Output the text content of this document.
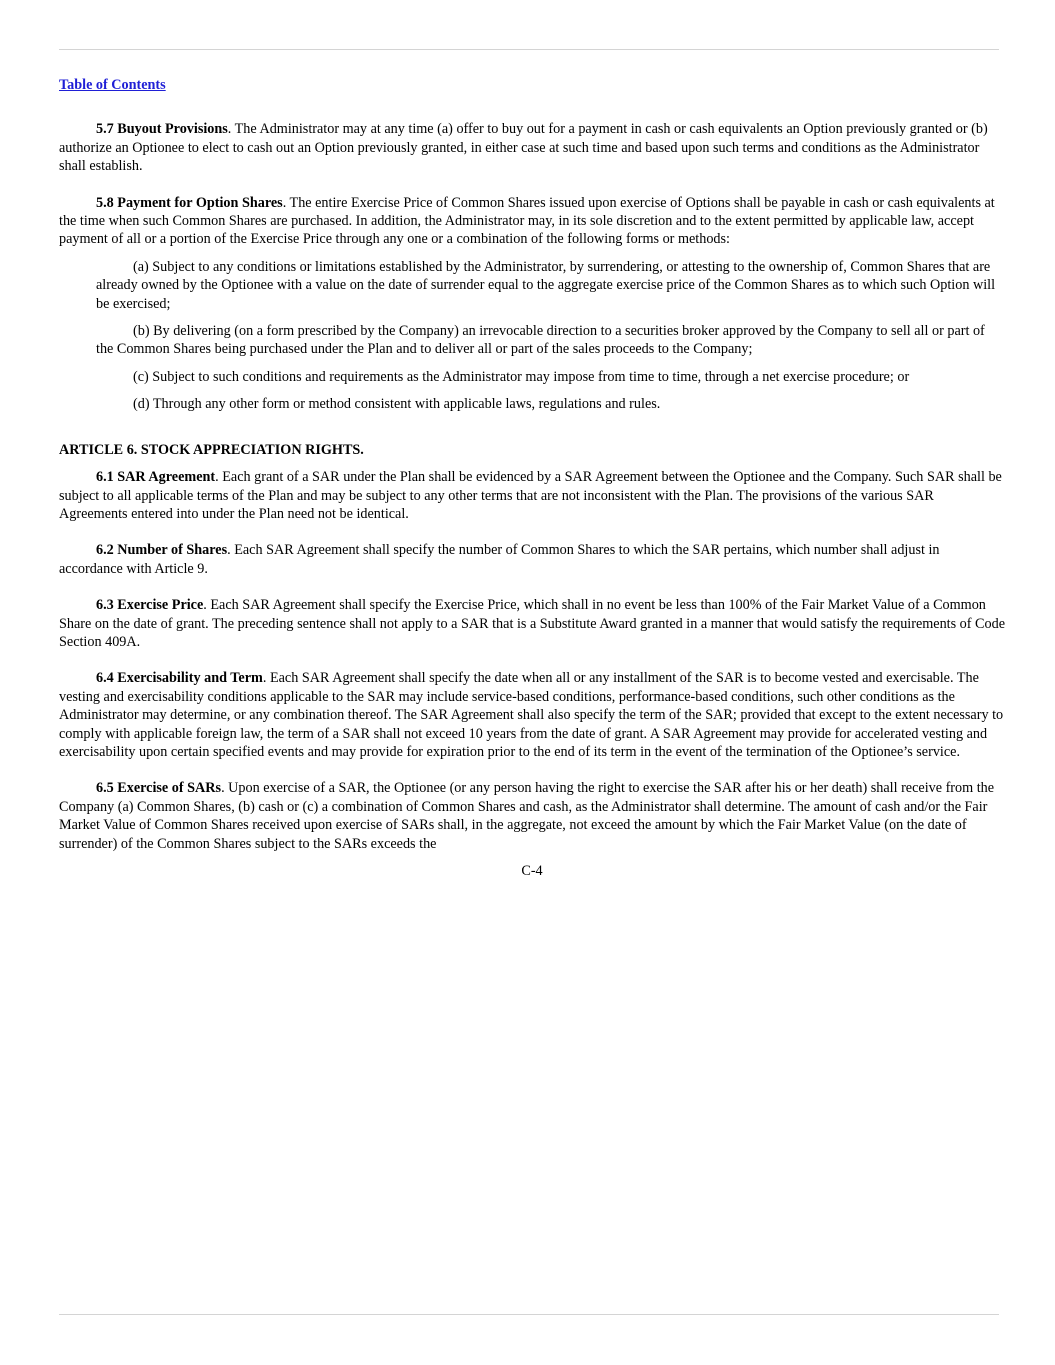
Table of Contents

5.7 Buyout Provisions. The Administrator may at any time (a) offer to buy out for a payment in cash or cash equivalents an Option previously granted or (b) authorize an Optionee to elect to cash out an Option previously granted, in either case at such time and based upon such terms and conditions as the Administrator shall establish.

5.8 Payment for Option Shares. The entire Exercise Price of Common Shares issued upon exercise of Options shall be payable in cash or cash equivalents at the time when such Common Shares are purchased. In addition, the Administrator may, in its sole discretion and to the extent permitted by applicable law, accept payment of all or a portion of the Exercise Price through any one or a combination of the following forms or methods:

(a) Subject to any conditions or limitations established by the Administrator, by surrendering, or attesting to the ownership of, Common Shares that are already owned by the Optionee with a value on the date of surrender equal to the aggregate exercise price of the Common Shares as to which such Option will be exercised;

(b) By delivering (on a form prescribed by the Company) an irrevocable direction to a securities broker approved by the Company to sell all or part of the Common Shares being purchased under the Plan and to deliver all or part of the sales proceeds to the Company;

(c) Subject to such conditions and requirements as the Administrator may impose from time to time, through a net exercise procedure; or

(d) Through any other form or method consistent with applicable laws, regulations and rules.

ARTICLE 6. STOCK APPRECIATION RIGHTS.

6.1 SAR Agreement. Each grant of a SAR under the Plan shall be evidenced by a SAR Agreement between the Optionee and the Company. Such SAR shall be subject to all applicable terms of the Plan and may be subject to any other terms that are not inconsistent with the Plan. The provisions of the various SAR Agreements entered into under the Plan need not be identical.

6.2 Number of Shares. Each SAR Agreement shall specify the number of Common Shares to which the SAR pertains, which number shall adjust in accordance with Article 9.

6.3 Exercise Price. Each SAR Agreement shall specify the Exercise Price, which shall in no event be less than 100% of the Fair Market Value of a Common Share on the date of grant. The preceding sentence shall not apply to a SAR that is a Substitute Award granted in a manner that would satisfy the requirements of Code Section 409A.

6.4 Exercisability and Term. Each SAR Agreement shall specify the date when all or any installment of the SAR is to become vested and exercisable. The vesting and exercisability conditions applicable to the SAR may include service-based conditions, performance-based conditions, such other conditions as the Administrator may determine, or any combination thereof. The SAR Agreement shall also specify the term of the SAR; provided that except to the extent necessary to comply with applicable foreign law, the term of a SAR shall not exceed 10 years from the date of grant. A SAR Agreement may provide for accelerated vesting and exercisability upon certain specified events and may provide for expiration prior to the end of its term in the event of the termination of the Optionee’s service.

6.5 Exercise of SARs. Upon exercise of a SAR, the Optionee (or any person having the right to exercise the SAR after his or her death) shall receive from the Company (a) Common Shares, (b) cash or (c) a combination of Common Shares and cash, as the Administrator shall determine. The amount of cash and/or the Fair Market Value of Common Shares received upon exercise of SARs shall, in the aggregate, not exceed the amount by which the Fair Market Value (on the date of surrender) of the Common Shares subject to the SARs exceeds the

C-4
